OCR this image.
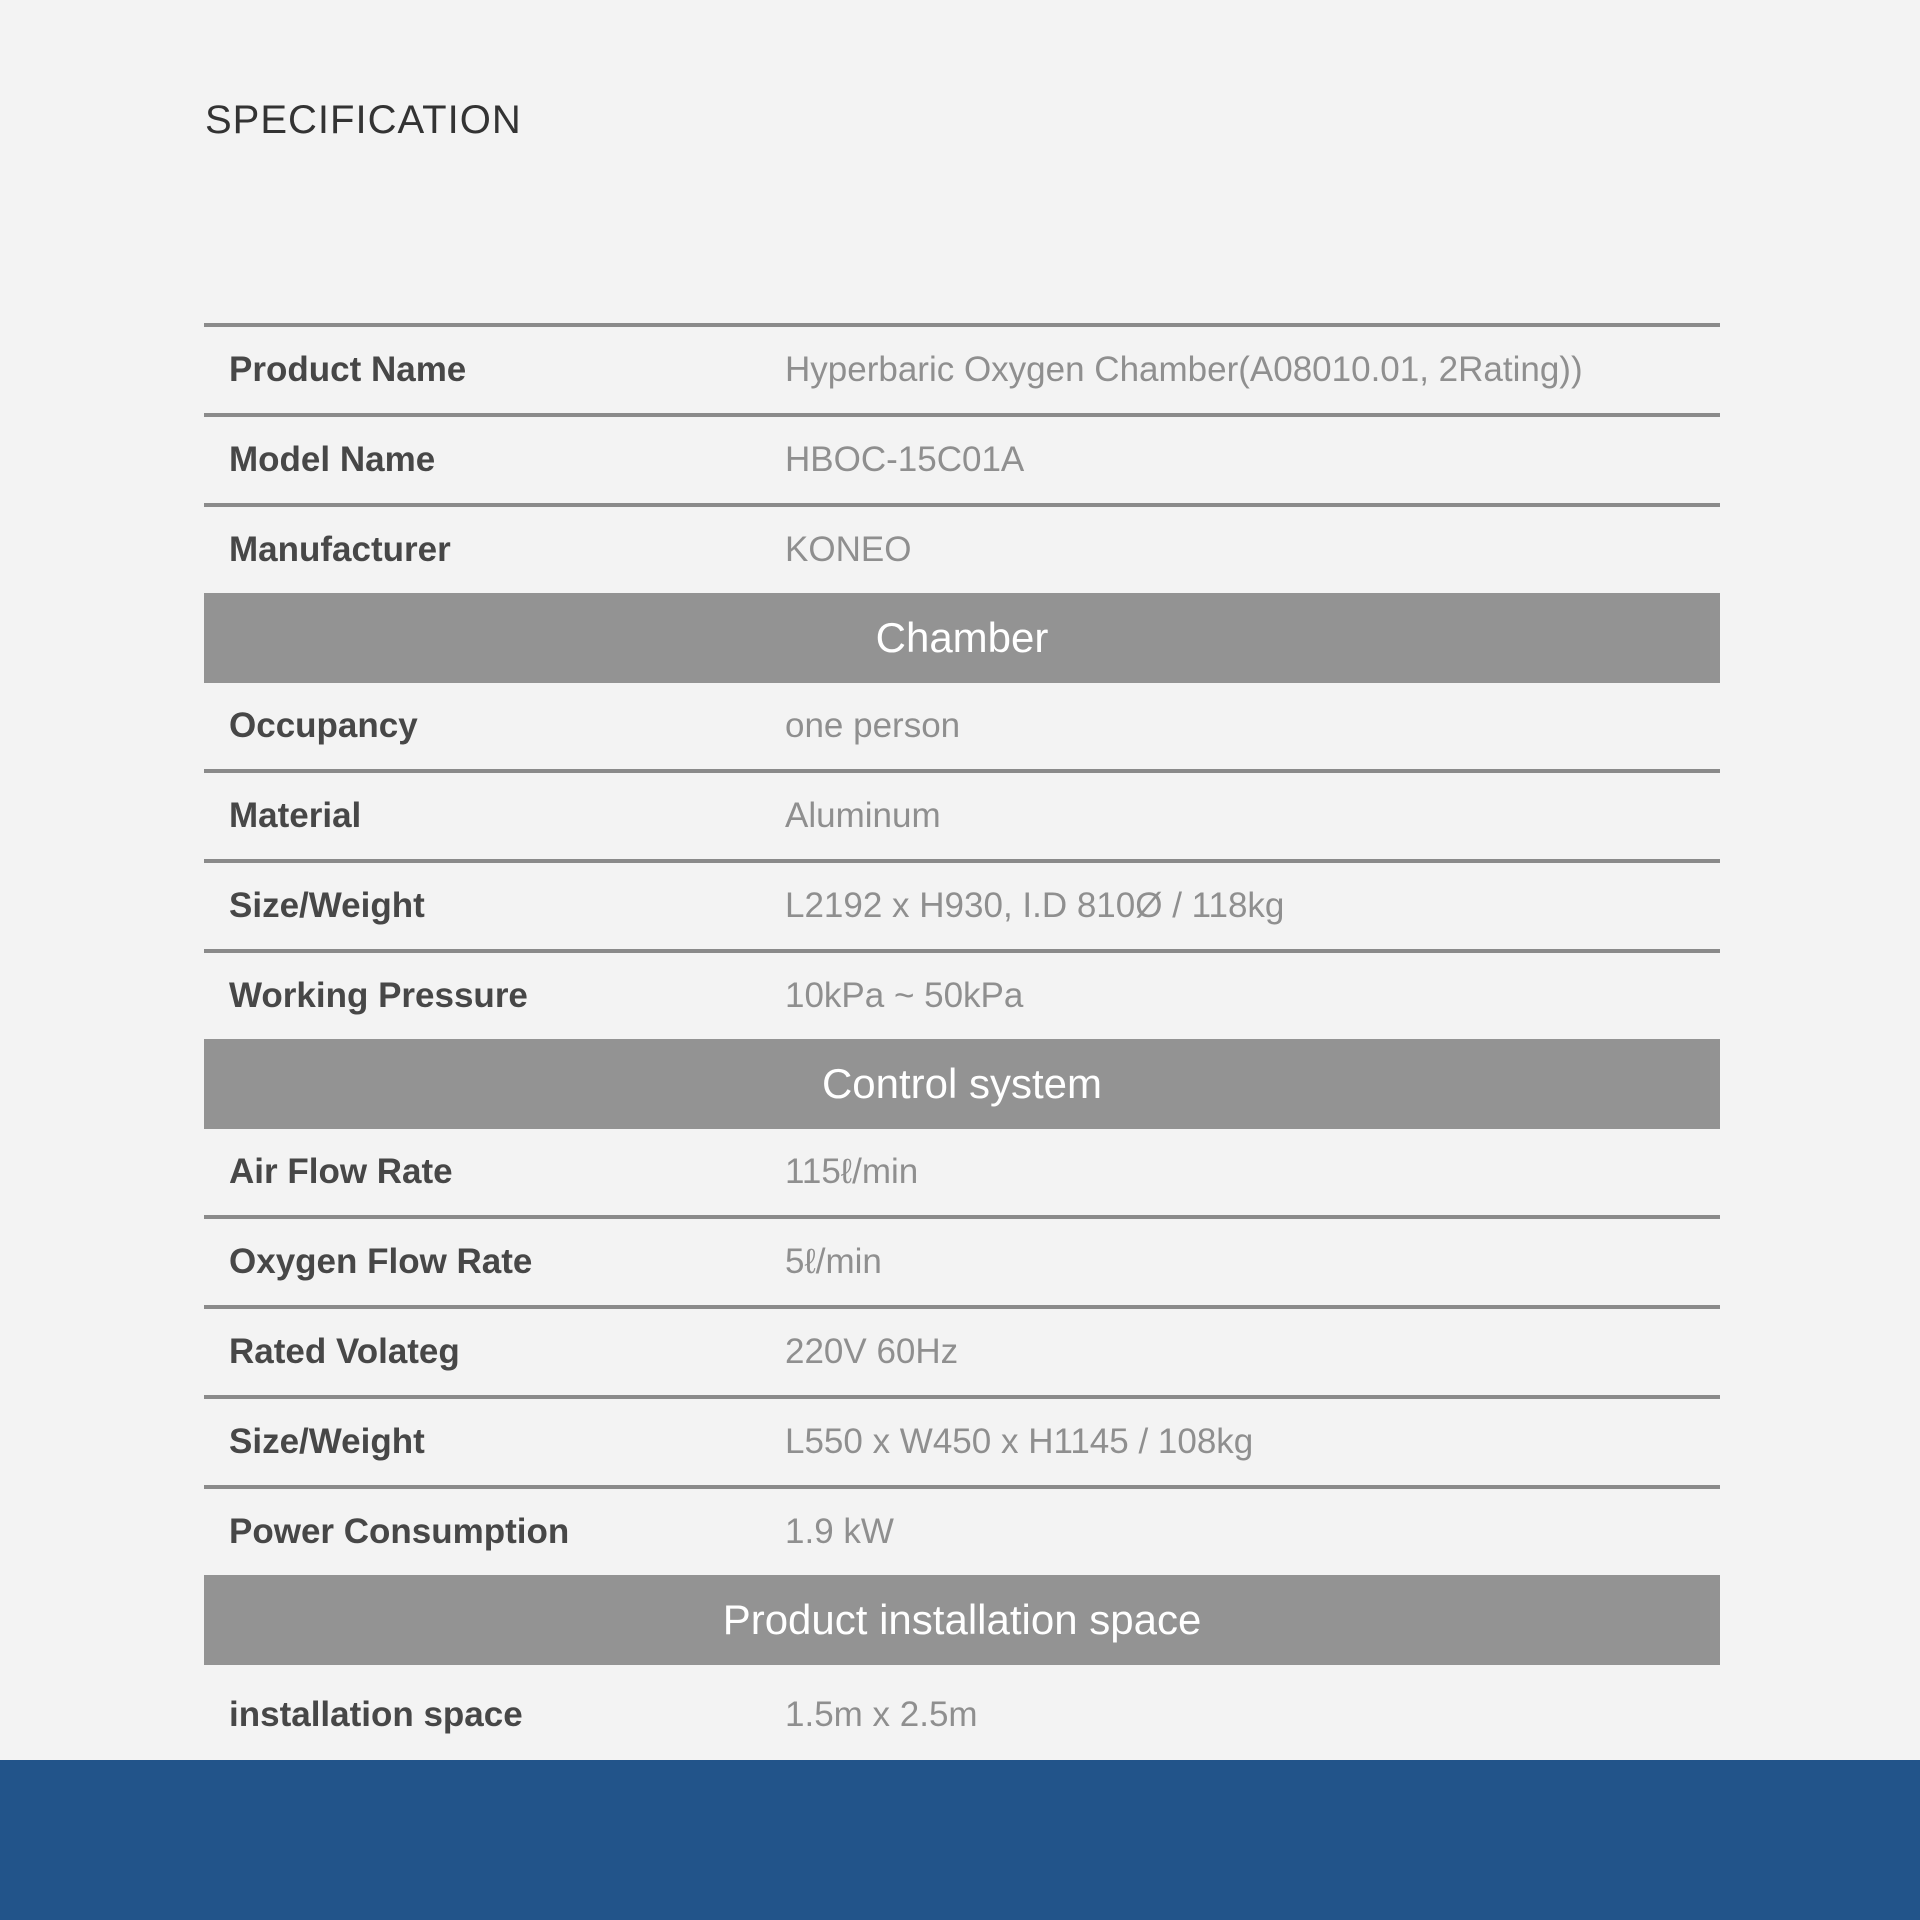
SPECIFICATION
Product Name	Hyperbaric Oxygen Chamber(A08010.01, 2Rating))
Model Name	HBOC-15C01A
Manufacturer	KONEO
Chamber
Occupancy	one person
Material	Aluminum
Size/Weight	L2192 x H930, I.D 810Ø / 118kg
Working Pressure	10kPa ~ 50kPa
Control system
Air Flow Rate	115ℓ/min
Oxygen Flow Rate	5ℓ/min
Rated Volateg	220V 60Hz
Size/Weight	L550 x W450 x H1145 / 108kg
Power Consumption	1.9 kW
Product installation space
installation space	1.5m x 2.5m
